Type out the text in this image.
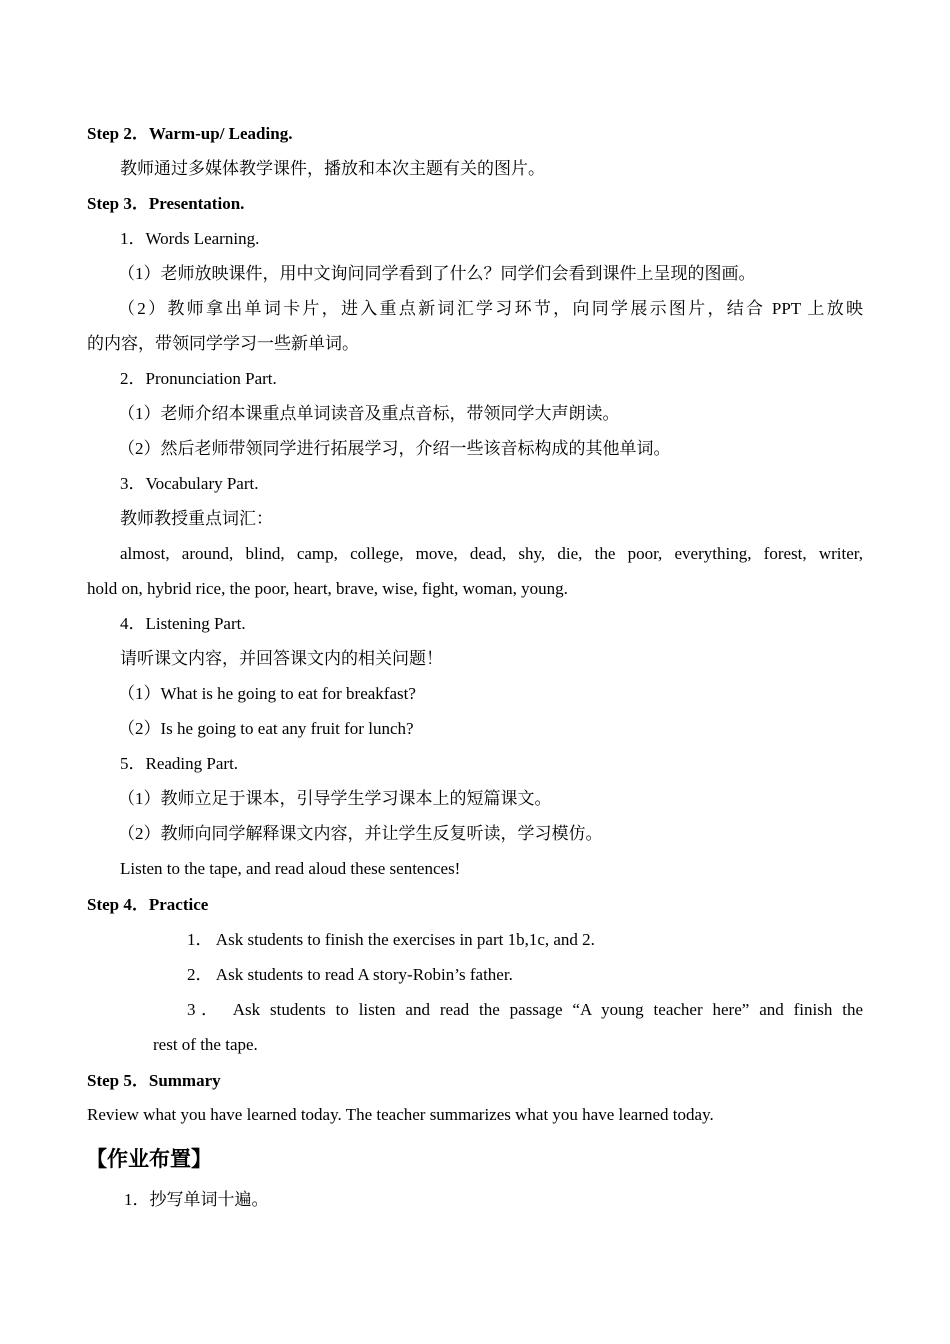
Step 2．Warm-up/ Leading.
教师通过多媒体教学课件，播放和本次主题有关的图片。
Step 3．Presentation.
1．Words Learning.
（1）老师放映课件，用中文询问同学看到了什么？同学们会看到课件上呈现的图画。
（2）教师拿出单词卡片，进入重点新词汇学习环节，向同学展示图片，结合 PPT 上放映
的内容，带领同学学习一些新单词。
2．Pronunciation Part.
（1）老师介绍本课重点单词读音及重点音标，带领同学大声朗读。
（2）然后老师带领同学进行拓展学习，介绍一些该音标构成的其他单词。
3．Vocabulary Part.
教师教授重点词汇：
almost, around, blind, camp, college, move, dead, shy, die, the poor, everything, forest, writer,
hold on, hybrid rice, the poor, heart, brave, wise, fight, woman, young.
4．Listening Part.
请听课文内容，并回答课文内的相关问题！
（1）What is he going to eat for breakfast?
（2）Is he going to eat any fruit for lunch?
5．Reading Part.
（1）教师立足于课本，引导学生学习课本上的短篇课文。
（2）教师向同学解释课文内容，并让学生反复听读，学习模仿。
Listen to the tape, and read aloud these sentences!
Step 4．Practice
1． Ask students to finish the exercises in part 1b,1c, and 2.
2． Ask students to read A story-Robin’s father.
3． Ask students to listen and read the passage “A young teacher here” and finish the
rest of the tape.
Step 5．Summary
Review what you have learned today. The teacher summarizes what you have learned today.
【作业布置】
1．抄写单词十遍。
